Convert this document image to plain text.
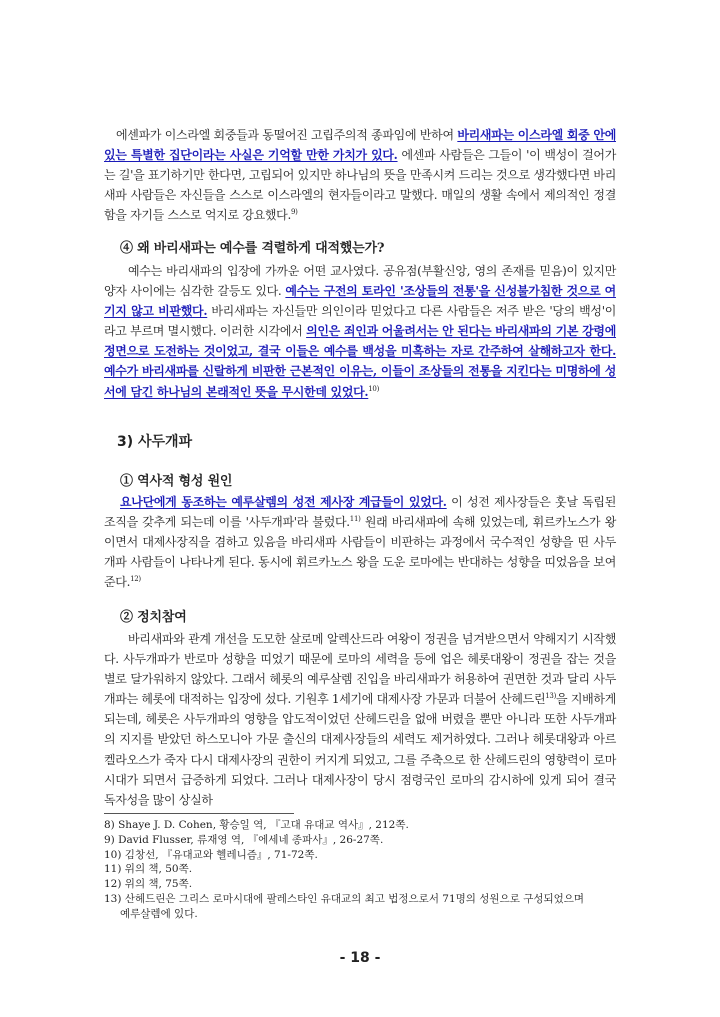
에센파가 이스라엘 회중들과 동떨어진 고립주의적 종파임에 반하여 바리새파는 이스라엘 회중 안에 있는 특별한 집단이라는 사실은 기억할 만한 가치가 있다. 에센파 사람들은 그들이 '이 백성이 걸어가는 길'을 표기하기만 한다면, 고립되어 있지만 하나님의 뜻을 만족시켜 드리는 것으로 생각했다면 바리새파 사람들은 자신들을 스스로 이스라엘의 현자들이라고 말했다. 매일의 생활 속에서 제의적인 정결함을 자기들 스스로 억지로 강요했다.$^{9)}$
④ 왜 바리새파는 예수를 격렬하게 대적했는가?
예수는 바리새파의 입장에 가까운 어떤 교사였다. 공유점(부활신앙, 영의 존재를 믿음)이 있지만 양자 사이에는 심각한 갈등도 있다. 예수는 구전의 토라인 '조상들의 전통'을 신성불가침한 것으로 여기지 않고 비판했다. 바리새파는 자신들만 의인이라 믿었다고 다른 사람들은 저주 받은 '당의 백성'이라고 부르며 멸시했다. 이러한 시각에서 의인은 죄인과 어울려서는 안 된다는 바리새파의 기본 강령에 정면으로 도전하는 것이었고, 결국 이들은 예수를 백성을 미혹하는 자로 간주하여 살해하고자 한다. 예수가 바리새파를 신랄하게 비판한 근본적인 이유는, 이들이 조상들의 전통을 지킨다는 미명하에 성서에 담긴 하나님의 본래적인 뜻을 무시한데 있었다.$^{10)}$
3) 사두개파
① 역사적 형성 원인
요나단에게 동조하는 예루살렘의 성전 제사장 계급들이 있었다. 이 성전 제사장들은 훗날 독립된 조직을 갖추게 되는데 이를 '사두개파'라 불렀다.$^{11)}$ 원래 바리새파에 속해 있었는데, 휘르카노스가 왕이면서 대제사장직을 겸하고 있음을 바리새파 사람들이 비판하는 과정에서 국수적인 성향을 띤 사두개파 사람들이 나타나게 된다. 동시에 휘르카노스 왕을 도운 로마에는 반대하는 성향을 띠었음을 보여준다.$^{12)}$
② 정치참여
바리새파와 관계 개선을 도모한 살로메 알렉산드라 여왕이 정권을 넘겨받으면서 약해지기 시작했다. 사두개파가 반로마 성향을 띠었기 때문에 로마의 세력을 등에 업은 헤롯대왕이 정권을 잡는 것을 별로 달가워하지 않았다. 그래서 헤롯의 예루살렘 진입을 바리새파가 허용하여 권면한 것과 달리 사두개파는 헤롯에 대적하는 입장에 섰다. 기원후 1세기에 대제사장 가문과 더불어 산헤드린$^{13)}$을 지배하게 되는데, 헤롯은 사두개파의 영향을 압도적이었던 산헤드린을 없애 버렸을 뿐만 아니라 또한 사두개파의 지지를 받았던 하스모니아 가문 출신의 대제사장들의 세력도 제거하였다. 그러나 헤롯대왕과 아르켈라오스가 죽자 다시 대제사장의 권한이 커지게 되었고, 그를 주축으로 한 산헤드린의 영향력이 로마시대가 되면서 급증하게 되었다. 그러나 대제사장이 당시 점령국인 로마의 감시하에 있게 되어 결국 독자성을 많이 상실하
8) Shaye J. D. Cohen, 황승일 역, 『고대 유대교 역사』, 212쪽.
9) David Flusser, 류재영 역, 『에세네 종파사』, 26-27쪽.
10) 김창선, 『유대교와 헬레니즘』, 71-72쪽.
11) 위의 책, 50쪽.
12) 위의 책, 75쪽.
13) 산헤드린은 그리스 로마시대에 팔레스타인 유대교의 최고 법정으로서 71명의 성원으로 구성되었으며
예루살렘에 있다.
- 18 -
